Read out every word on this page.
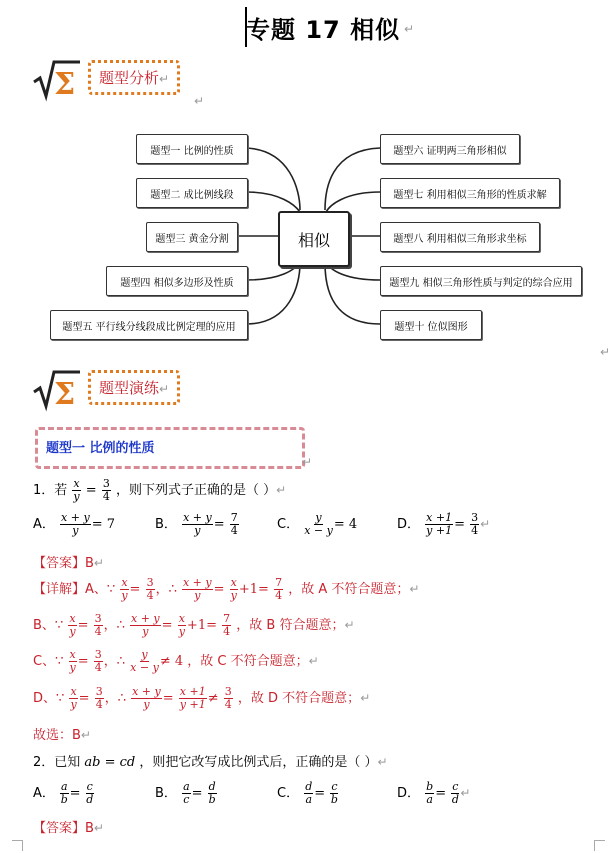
专题 17 相似 ↵
Σ	题型分析↵
↵
相似
题型一 比例的性质
题型二 成比例线段
题型三 黄金分割
题型四 相似多边形及性质
题型五 平行线分线段成比例定理的应用
题型六 证明两三角形相似
题型七 利用相似三角形的性质求解
题型八 利用相似三角形求坐标
题型九 相似三角形性质与判定的综合应用
题型十 位似图形
↵
Σ	题型演练↵
题型一 比例的性质
↵
1．若 $\frac{x}{y} = \frac{3}{4}$ ，则下列式子正确的是（ ）↵
A． $\frac{x + y}{y} = 7$	B． $\frac{x + y}{y} = \frac{7}{4}$	C． $\frac{y}{x - y} = 4$	D． $\frac{x +1}{y +1} = \frac{3}{4}$ ↵
【答案】B↵
【详解】A、∵ $\frac{x}{y} = \frac{3}{4}$ ，∴ $\frac{x + y}{y} = \frac{x}{y} +1= \frac{7}{4}$ ，故 A 不符合题意；↵
B、∵ $\frac{x}{y} = \frac{3}{4}$ ，∴ $\frac{x + y}{y} = \frac{x}{y} +1= \frac{7}{4}$ ，故 B 符合题意；↵
C、∵ $\frac{x}{y} = \frac{3}{4}$ ，∴ $\frac{y}{x - y} \ne 4$ ，故 C 不符合题意；↵
D、∵ $\frac{x}{y} = \frac{3}{4}$ ，∴ $\frac{x + y}{y} = \frac{x +1}{y +1} \ne \frac{3}{4}$ ，故 D 不符合题意；↵
故选：B↵
2．已知 ab = cd ，则把它改写成比例式后，正确的是（ ）↵
A． $\frac{a}{b} = \frac{c}{d}$	B． $\frac{a}{c} = \frac{d}{b}$	C． $\frac{d}{a} = \frac{c}{b}$	D． $\frac{b}{a} = \frac{c}{d}$ ↵
【答案】B↵
